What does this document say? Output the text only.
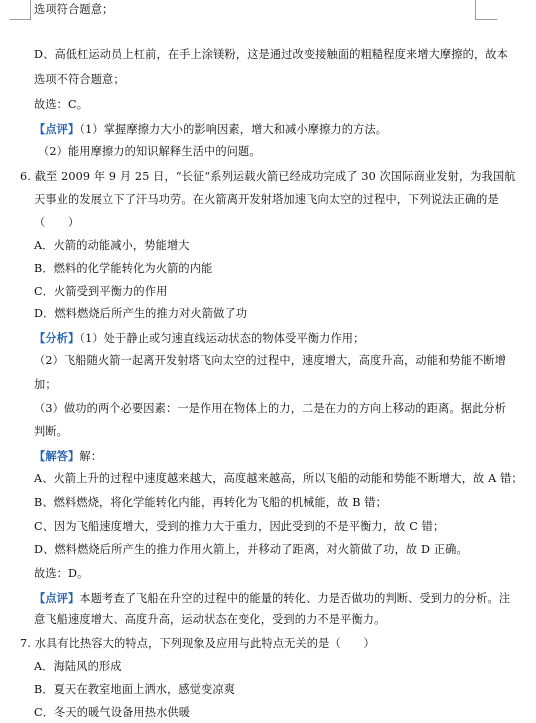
选项符合题意；
D、高低杠运动员上杠前，在手上涂镁粉，这是通过改变接触面的粗糙程度来增大摩擦的，故本
选项不符合题意；
故选：C。
【点评】（1）掌握摩擦力大小的影响因素，增大和减小摩擦力的方法。
（2）能用摩擦力的知识解释生活中的问题。
6. 截至 2009 年 9 月 25 日，“长征“系列运载火箭已经成功完成了 30 次国际商业发射，为我国航
天事业的发展立下了汗马功劳。在火箭离开发射塔加速飞向太空的过程中，下列说法正确的是
（　　）
A．火箭的动能减小，势能增大
B．燃料的化学能转化为火箭的内能
C．火箭受到平衡力的作用
D．燃料燃烧后所产生的推力对火箭做了功
【分析】（1）处于静止或匀速直线运动状态的物体受平衡力作用；
（2）飞船随火箭一起离开发射塔飞向太空的过程中，速度增大，高度升高，动能和势能不断增
加；
（3）做功的两个必要因素：一是作用在物体上的力，二是在力的方向上移动的距离。据此分析
判断。
【解答】解：
A、火箭上升的过程中速度越来越大，高度越来越高，所以飞船的动能和势能不断增大，故 A 错；
B、燃料燃烧，将化学能转化内能，再转化为飞船的机械能，故 B 错；
C、因为飞船速度增大，受到的推力大于重力，因此受到的不是平衡力，故 C 错；
D、燃料燃烧后所产生的推力作用火箭上，并移动了距离，对火箭做了功，故 D 正确。
故选：D。
【点评】本题考查了飞船在升空的过程中的能量的转化、力是否做功的判断、受到力的分析。注
意飞船速度增大、高度升高，运动状态在变化，受到的力不是平衡力。
7. 水具有比热容大的特点，下列现象及应用与此特点无关的是（　　）
A．海陆风的形成
B．夏天在教室地面上洒水，感觉变凉爽
C．冬天的暖气设备用热水供暖
